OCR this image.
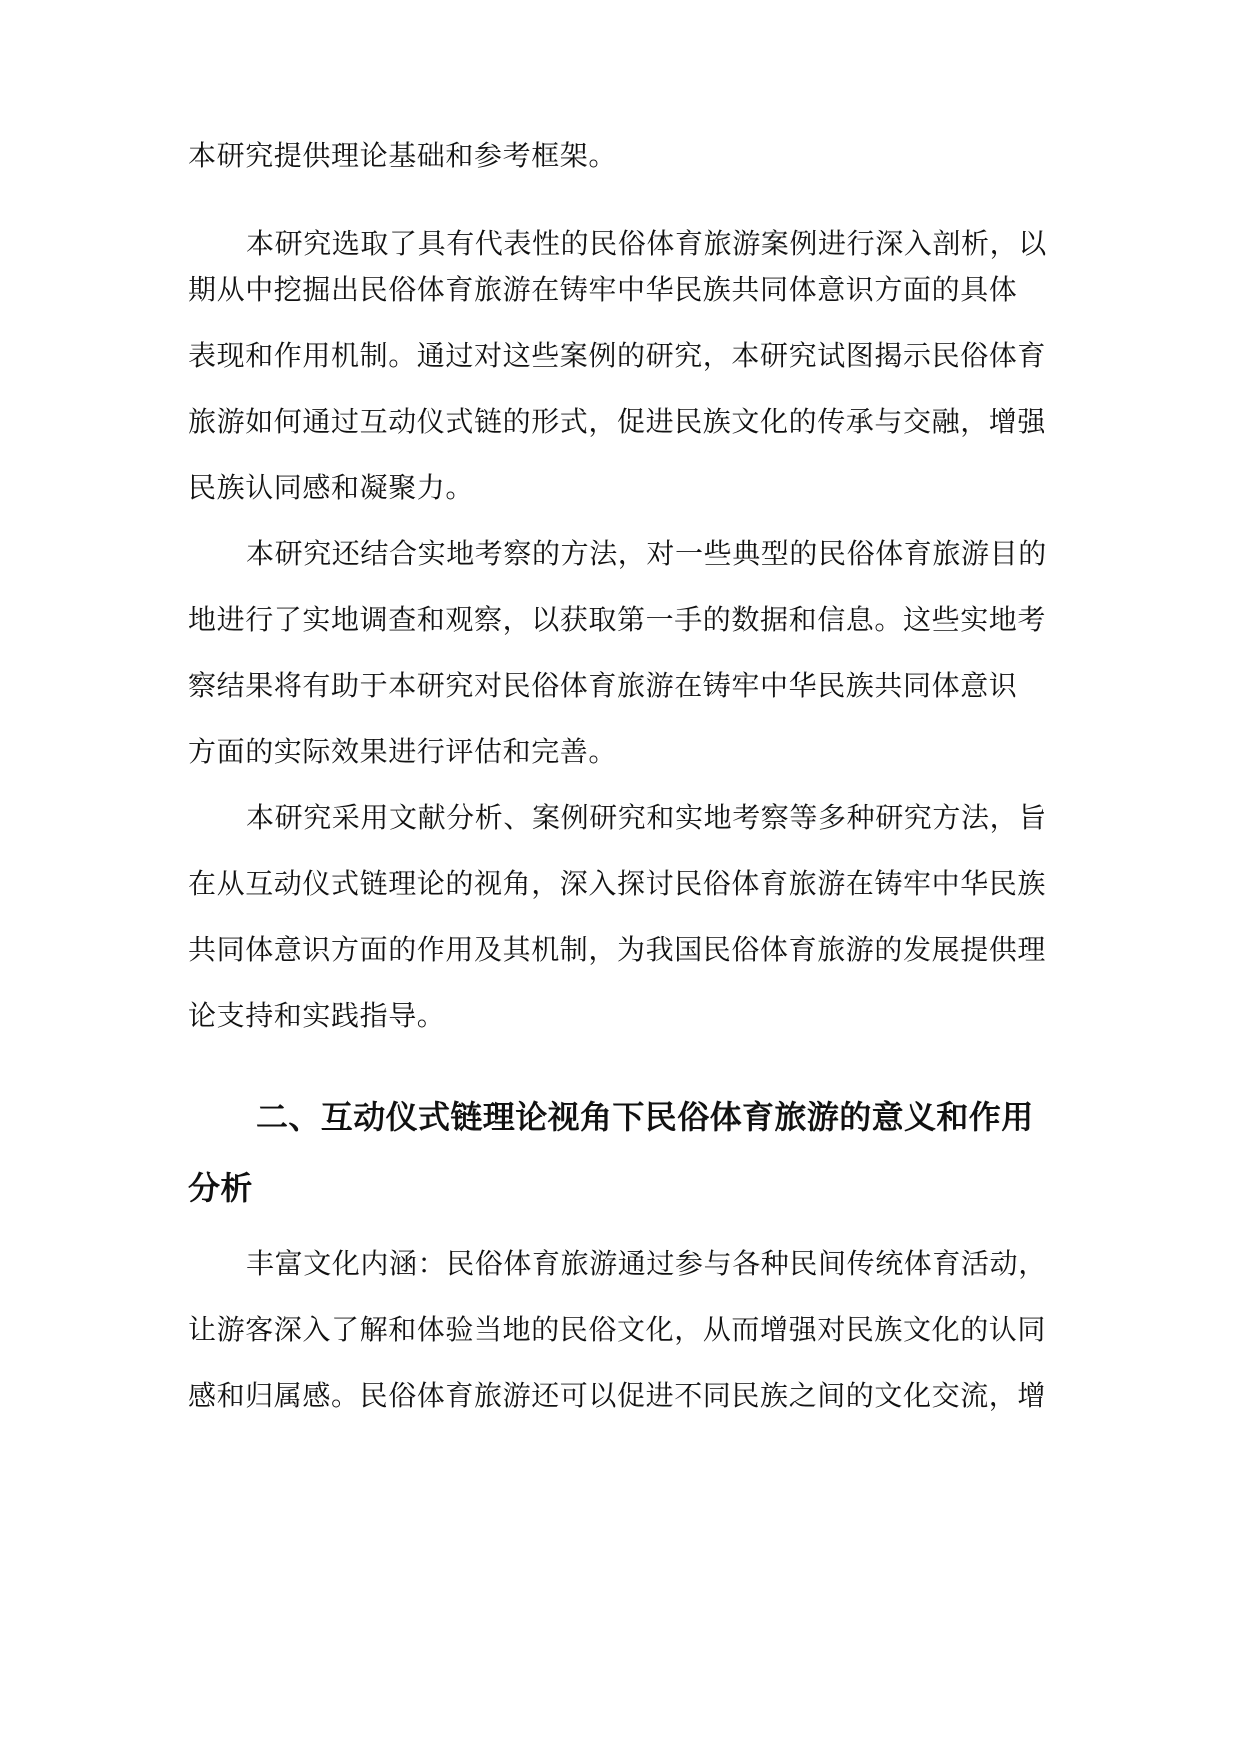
本研究提供理论基础和参考框架。
本研究选取了具有代表性的民俗体育旅游案例进行深入剖析，以
期从中挖掘出民俗体育旅游在铸牢中华民族共同体意识方面的具体
表现和作用机制。通过对这些案例的研究，本研究试图揭示民俗体育
旅游如何通过互动仪式链的形式，促进民族文化的传承与交融，增强
民族认同感和凝聚力。
本研究还结合实地考察的方法，对一些典型的民俗体育旅游目的
地进行了实地调查和观察，以获取第一手的数据和信息。这些实地考
察结果将有助于本研究对民俗体育旅游在铸牢中华民族共同体意识
方面的实际效果进行评估和完善。
本研究采用文献分析、案例研究和实地考察等多种研究方法，旨
在从互动仪式链理论的视角，深入探讨民俗体育旅游在铸牢中华民族
共同体意识方面的作用及其机制，为我国民俗体育旅游的发展提供理
论支持和实践指导。
二、互动仪式链理论视角下民俗体育旅游的意义和作用
分析
丰富文化内涵：民俗体育旅游通过参与各种民间传统体育活动，
让游客深入了解和体验当地的民俗文化，从而增强对民族文化的认同
感和归属感。民俗体育旅游还可以促进不同民族之间的文化交流，增
